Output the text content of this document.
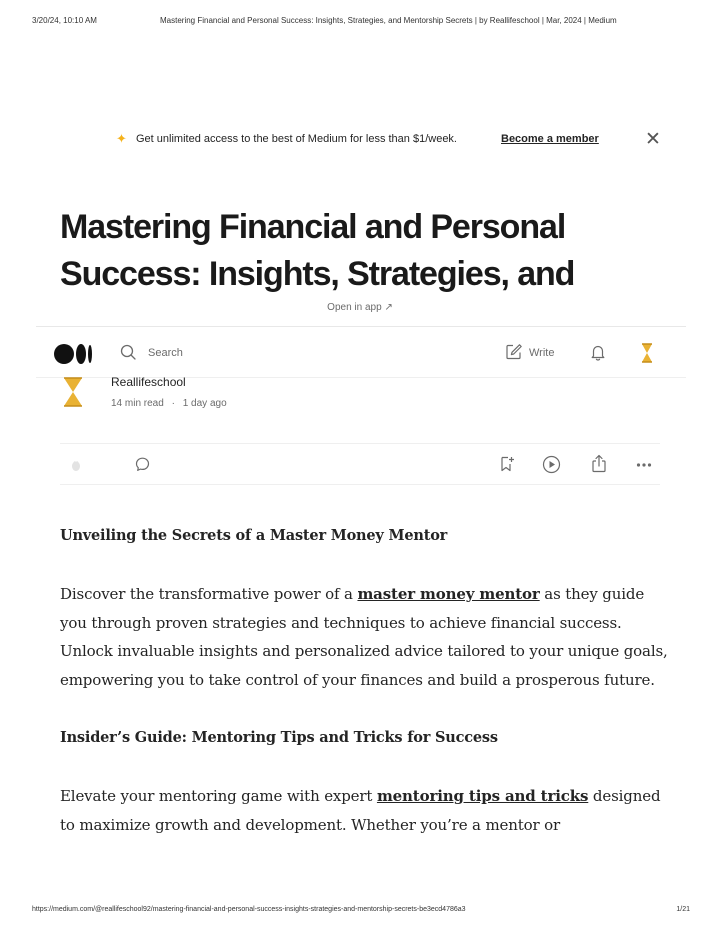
3/20/24, 10:10 AM	Mastering Financial and Personal Success: Insights, Strategies, and Mentorship Secrets | by Reallifeschool | Mar, 2024 | Medium
✦ Get unlimited access to the best of Medium for less than $1/week.	Become a member ✕
Mastering Financial and Personal
Success: Insights, Strategies, and
Open in app ↗
Search	Write
Reallifeschool
14 min read · 1 day ago
Unveiling the Secrets of a Master Money Mentor

Discover the transformative power of a master money mentor as they guide you through proven strategies and techniques to achieve financial success. Unlock invaluable insights and personalized advice tailored to your unique goals, empowering you to take control of your finances and build a prosperous future.

Insider’s Guide: Mentoring Tips and Tricks for Success

Elevate your mentoring game with expert mentoring tips and tricks designed to maximize growth and development. Whether you’re a mentor or

https://medium.com/@reallifeschool92/mastering-financial-and-personal-success-insights-strategies-and-mentorship-secrets-be3ecd4786a3	1/21
